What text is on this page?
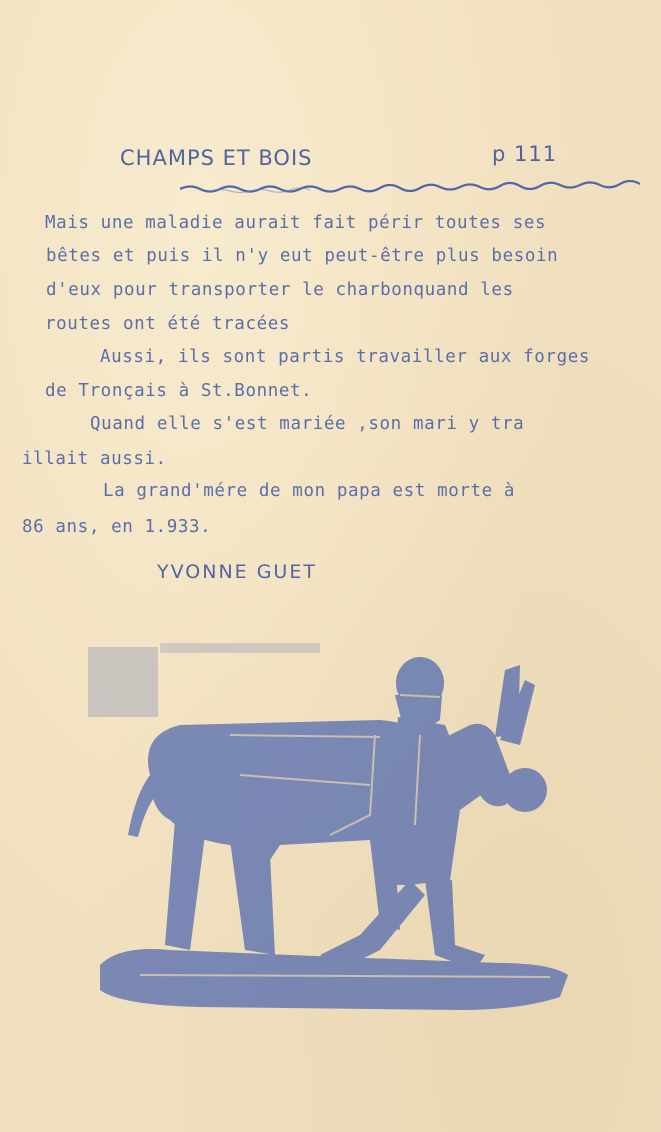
CHAMPS ET BOIS	p 111
Mais une maladie aurait fait périr toutes ses
bêtes et puis il n'y eut peut-être plus besoin
d'eux pour transporter le charbonquand les
routes ont été tracées
Aussi, ils sont partis travailler aux forges
de Tronçais à St.Bonnet.
Quand elle s'est mariée ,son mari y tra
illait aussi.
La grand'mére de mon papa est morte à
86 ans, en 1.933.
YVONNE GUET
